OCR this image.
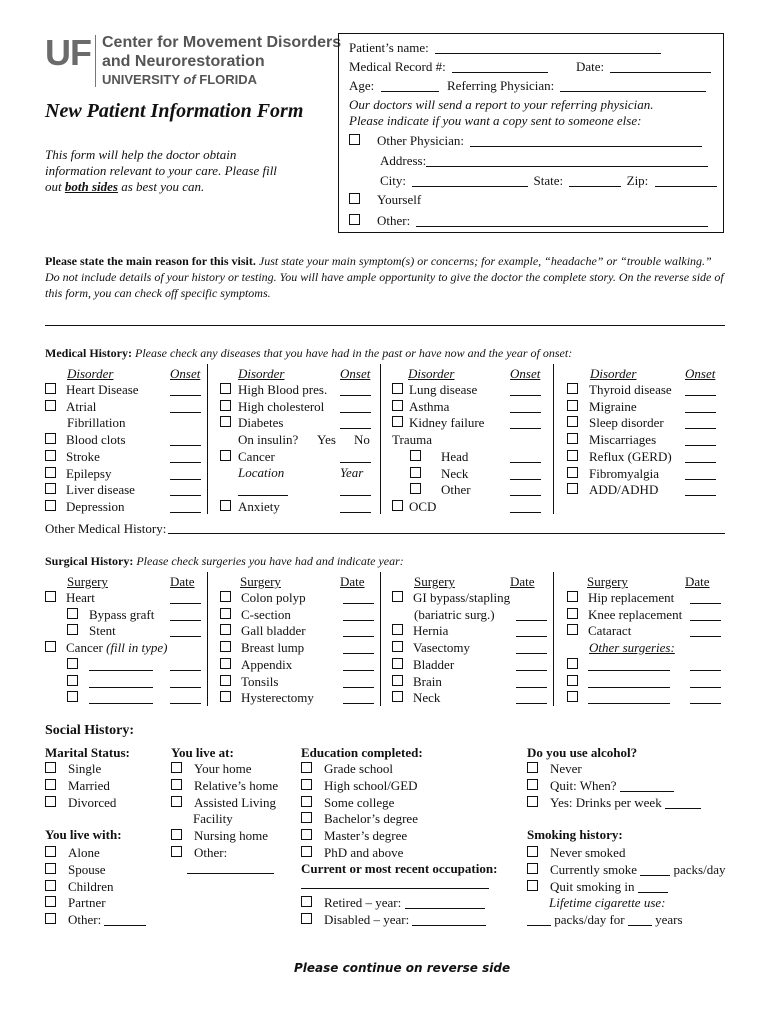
UF Center for Movement Disorders
and Neurorestoration
UNIVERSITY of FLORIDA
New Patient Information Form
This form will help the doctor obtain information relevant to your care. Please fill out both sides as best you can.
Patient’s name:
Medical Record #:	Date:
Age:	Referring Physician:
Our doctors will send a report to your referring physician.
Please indicate if you want a copy sent to someone else:
Other Physician:
Address:
City:	State:	Zip:
Yourself
Other:
Please state the main reason for this visit. Just state your main symptom(s) or concerns; for example, “headache” or “trouble walking.” Do not include details of your history or testing. You will have ample opportunity to give the doctor the complete story. On the reverse side of this form, you can check off specific symptoms.
Medical History: Please check any diseases that you have had in the past or have now and the year of onset:
Disorder	Onset
Heart Disease
Atrial
Fibrillation
Blood clots
Stroke
Epilepsy
Liver disease
Depression
Disorder	Onset
High Blood pres.
High cholesterol
Diabetes
On insulin? Yes No
Cancer
Location	Year
Anxiety
Disorder	Onset
Lung disease
Asthma
Kidney failure
Trauma
Head
Neck
Other
OCD
Disorder	Onset
Thyroid disease
Migraine
Sleep disorder
Miscarriages
Reflux (GERD)
Fibromyalgia
ADD/ADHD
Other Medical History:
Surgical History: Please check surgeries you have had and indicate year:
Surgery	Date
Heart
Bypass graft
Stent
Cancer (fill in type)
Surgery	Date
Colon polyp
C-section
Gall bladder
Breast lump
Appendix
Tonsils
Hysterectomy
Surgery	Date
GI bypass/stapling
(bariatric surg.)
Hernia
Vasectomy
Bladder
Brain
Neck
Surgery	Date
Hip replacement
Knee replacement
Cataract
Other surgeries:
Social History:
Marital Status:
Single
Married
Divorced
You live with:
Alone
Spouse
Children
Partner
Other:
You live at:
Your home
Relative’s home
Assisted Living
Facility
Nursing home
Other:
Education completed:
Grade school
High school/GED
Some college
Bachelor’s degree
Master’s degree
PhD and above
Current or most recent occupation:
Retired – year:
Disabled – year:
Do you use alcohol?
Never
Quit: When?
Yes: Drinks per week
Smoking history:
Never smoked
Currently smoke	packs/day
Quit smoking in
Lifetime cigarette use:
packs/day for years
Please continue on reverse side
